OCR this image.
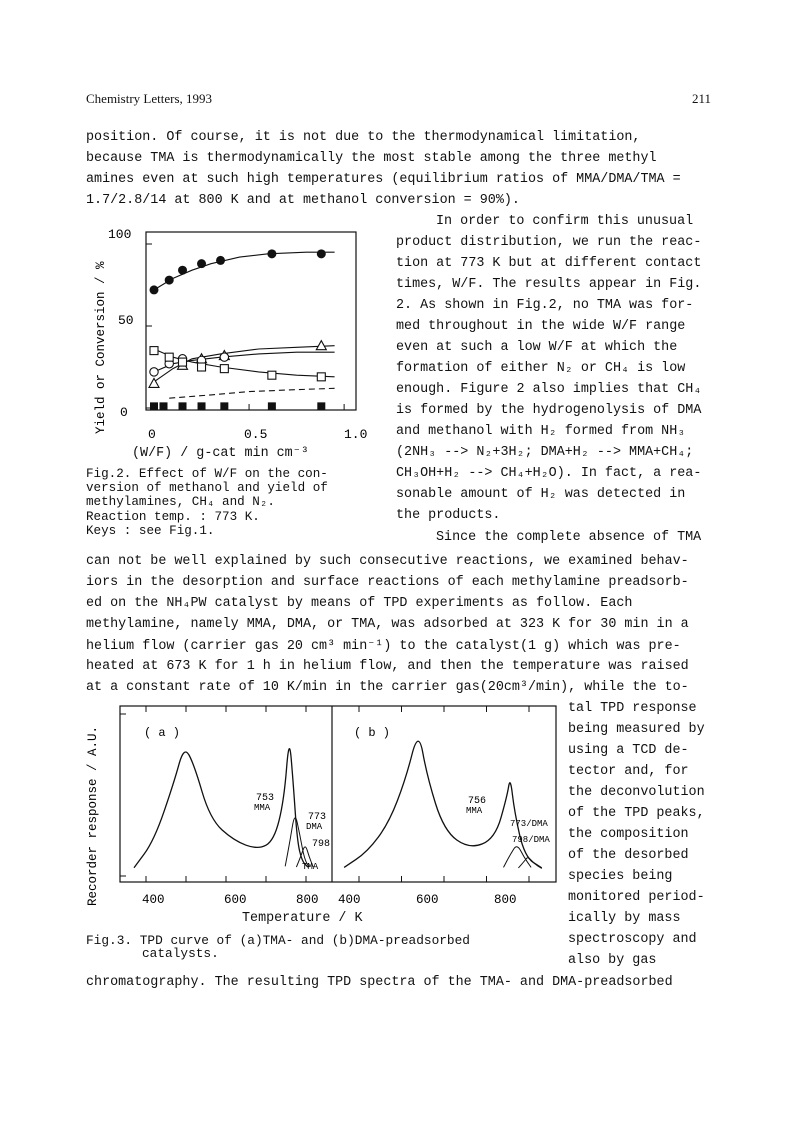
Chemistry Letters, 1993	211
position. Of course, it is not due to the thermodynamical limitation,
because TMA is thermodynamically the most stable among the three methyl
amines even at such high temperatures (equilibrium ratios of MMA/DMA/TMA =
1.7/2.8/14 at 800 K and at methanol conversion = 90%).
In order to confirm this unusual
product distribution, we run the reac-
tion at 773 K but at different contact
times, W/F. The results appear in Fig.
2. As shown in Fig.2, no TMA was for-
med throughout in the wide W/F range
even at such a low W/F at which the
formation of either N₂ or CH₄ is low
enough. Figure 2 also implies that CH₄
is formed by the hydrogenolysis of DMA
and methanol with H₂ formed from NH₃
(2NH₃ --> N₂+3H₂; DMA+H₂ --> MMA+CH₄;
CH₃OH+H₂ --> CH₄+H₂O). In fact, a rea-
sonable amount of H₂ was detected in
the products.
Since the complete absence of TMA
100
50
0
0	0.5	1.0
Yield or Conversion / %
(W/F) / g-cat min cm⁻³
Fig.2. Effect of W/F on the con-
version of methanol and yield of
methylamines, CH₄ and N₂.
Reaction temp. : 773 K.
Keys : see Fig.1.
can not be well explained by such consecutive reactions, we examined behav-
iors in the desorption and surface reactions of each methylamine preadsorb-
ed on the NH₄PW catalyst by means of TPD experiments as follow. Each
methylamine, namely MMA, DMA, or TMA, was adsorbed at 323 K for 30 min in a
helium flow (carrier gas 20 cm³ min⁻¹) to the catalyst(1 g) which was pre-
heated at 673 K for 1 h in helium flow, and then the temperature was raised
at a constant rate of 10 K/min in the carrier gas(20cm³/min), while the to-
tal TPD response
being measured by
using a TCD de-
tector and, for
the deconvolution
of the TPD peaks,
the composition
of the desorbed
species being
monitored period-
ically by mass
spectroscopy and
also by gas
( a )	( b )
753
MMA
773
DMA
798
TMA
756
MMA
773/DMA
798/DMA
400	600	800 400	600	800
Recorder response / A.U.
Temperature / K
Fig.3. TPD curve of (a)TMA- and (b)DMA-preadsorbed
catalysts.
chromatography. The resulting TPD spectra of the TMA- and DMA-preadsorbed
